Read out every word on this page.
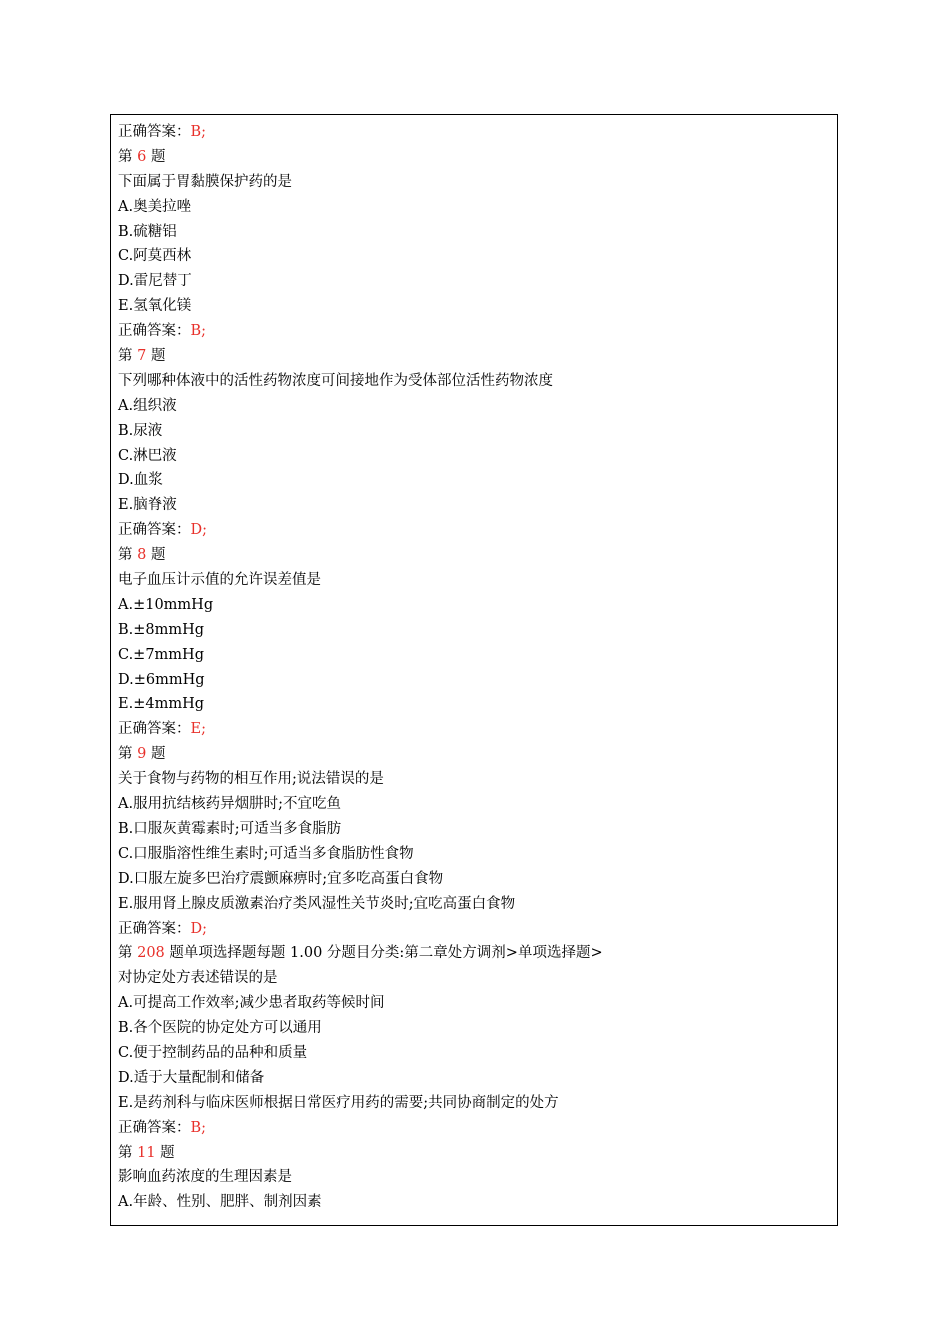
正确答案：B;
第 6 题
下面属于胃黏膜保护药的是
A.奥美拉唑
B.硫糖铝
C.阿莫西林
D.雷尼替丁
E.氢氧化镁
正确答案：B;
第 7 题
下列哪种体液中的活性药物浓度可间接地作为受体部位活性药物浓度
A.组织液
B.尿液
C.淋巴液
D.血浆
E.脑脊液
正确答案：D;
第 8 题
电子血压计示值的允许误差值是
A.±10mmHg
B.±8mmHg
C.±7mmHg
D.±6mmHg
E.±4mmHg
正确答案：E;
第 9 题
关于食物与药物的相互作用;说法错误的是
A.服用抗结核药异烟肼时;不宜吃鱼
B.口服灰黄霉素时;可适当多食脂肪
C.口服脂溶性维生素时;可适当多食脂肪性食物
D.口服左旋多巴治疗震颤麻痹时;宜多吃高蛋白食物
E.服用肾上腺皮质激素治疗类风湿性关节炎时;宜吃高蛋白食物
正确答案：D;
第 208 题单项选择题每题 1.00 分题目分类:第二章处方调剂>单项选择题>
对协定处方表述错误的是
A.可提高工作效率;减少患者取药等候时间
B.各个医院的协定处方可以通用
C.便于控制药品的品种和质量
D.适于大量配制和储备
E.是药剂科与临床医师根据日常医疗用药的需要;共同协商制定的处方
正确答案：B;
第 11 题
影响血药浓度的生理因素是
A.年龄、性别、肥胖、制剂因素
